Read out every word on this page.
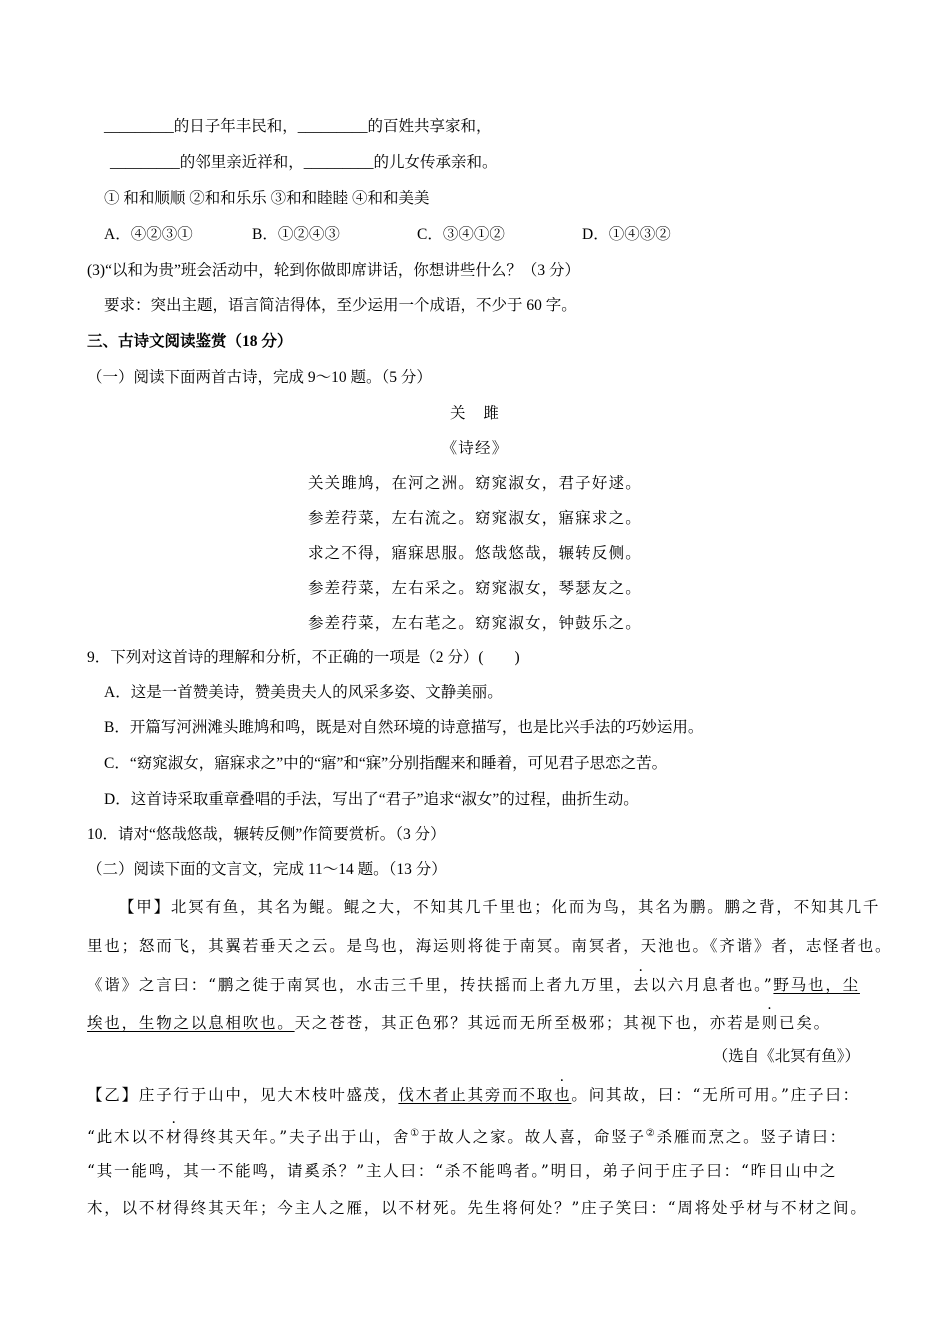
_________的日子年丰民和，_________的百姓共享家和，
_________的邻里亲近祥和，_________的儿女传承亲和。
① 和和顺顺 ②和和乐乐 ③和和睦睦 ④和和美美
A．④②③①	B．①②④③	C．③④①②	D．①④③②
(3)“以和为贵”班会活动中，轮到你做即席讲话，你想讲些什么？（3 分）
要求：突出主题，语言简洁得体，至少运用一个成语，不少于 60 字。
三、古诗文阅读鉴赏（18 分）
（一）阅读下面两首古诗，完成 9～10 题。（5 分）
关　雎
《诗经》
关关雎鸠，在河之洲。窈窕淑女，君子好逑。
参差荇菜，左右流之。窈窕淑女，寤寐求之。
求之不得，寤寐思服。悠哉悠哉，辗转反侧。
参差荇菜，左右采之。窈窕淑女，琴瑟友之。
参差荇菜，左右芼之。窈窕淑女，钟鼓乐之。
9．下列对这首诗的理解和分析，不正确的一项是（2 分）(　　)
A．这是一首赞美诗，赞美贵夫人的风采多姿、文静美丽。
B．开篇写河洲滩头雎鸠和鸣，既是对自然环境的诗意描写，也是比兴手法的巧妙运用。
C．“窈窕淑女，寤寐求之”中的“寤”和“寐”分别指醒来和睡着，可见君子思恋之苦。
D．这首诗采取重章叠唱的手法，写出了“君子”追求“淑女”的过程，曲折生动。
10．请对“悠哉悠哉，辗转反侧”作简要赏析。（3 分）
（二）阅读下面的文言文，完成 11～14 题。（13 分）
【甲】北冥有鱼，其名为鲲。鲲之大，不知其几千里也；化而为鸟，其名为鹏。鹏之背，不知其几千
里也；怒而飞，其翼若垂天之云。是鸟也，海运则将徙于南冥。南冥者，天池也。《齐谐》者，志怪者也。
《谐》之言曰：“鹏之徙于南冥也，水击三千里，抟扶摇而上者九万里，去以六月息者也。”野马也，尘
埃也，生物之以息相吹也。天之苍苍，其正色邪？其远而无所至极邪；其视下也，亦若是则已矣。
（选自《北冥有鱼》）
【乙】庄子行于山中，见大木枝叶盛茂，伐木者止其旁而不取也。问其故，曰：“无所可用。”庄子曰：
“此木以不材得终其天年。”夫子出于山，舍①于故人之家。故人喜，命竖子②杀雁而烹之。竖子请曰：
“其一能鸣，其一不能鸣，请奚杀？”主人曰：“杀不能鸣者。”明日，弟子问于庄子曰：“昨日山中之
木，以不材得终其天年；今主人之雁，以不材死。先生将何处？”庄子笑曰：“周将处乎材与不材之间。
